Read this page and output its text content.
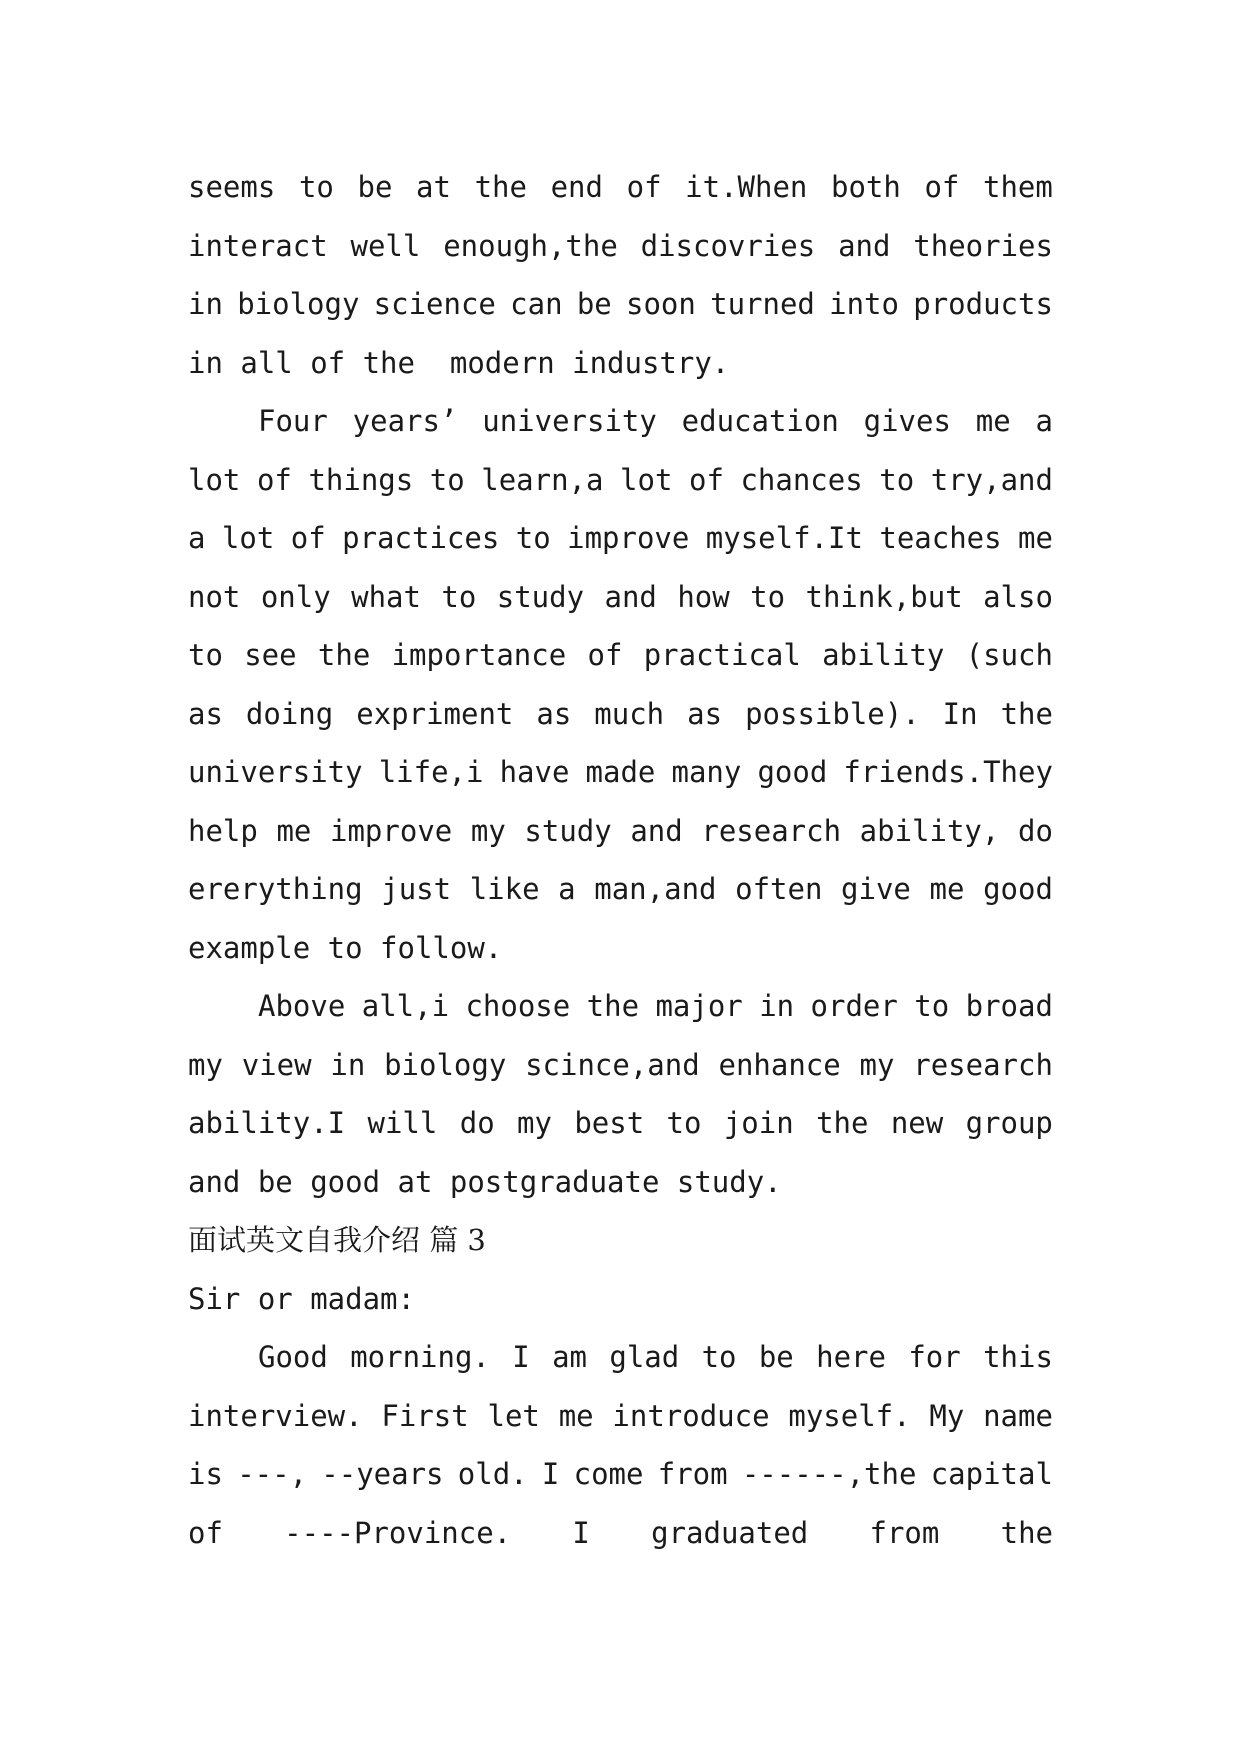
seems to be at the end of it.When both of them
interact well enough,the discovries and theories
in biology science can be soon turned into products
in all of the  modern industry.
Four years’ university education gives me a
lot of things to learn,a lot of chances to try,and
a lot of practices to improve myself.It teaches me
not only what to study and how to think,but also
to see the importance of practical ability (such
as doing expriment as much as possible). In the
university life,i have made many good friends.They
help me improve my study and research ability, do
ererything just like a man,and often give me good
example to follow.
Above all,i choose the major in order to broad
my view in biology scince,and enhance my research
ability.I will do my best to join the new group
and be good at postgraduate study.
面试英文自我介绍 篇 3
Sir or madam:
Good morning. I am glad to be here for this
interview. First let me introduce myself. My name
is ---, --years old. I come from ------,the capital
of ----Province. I graduated from the
